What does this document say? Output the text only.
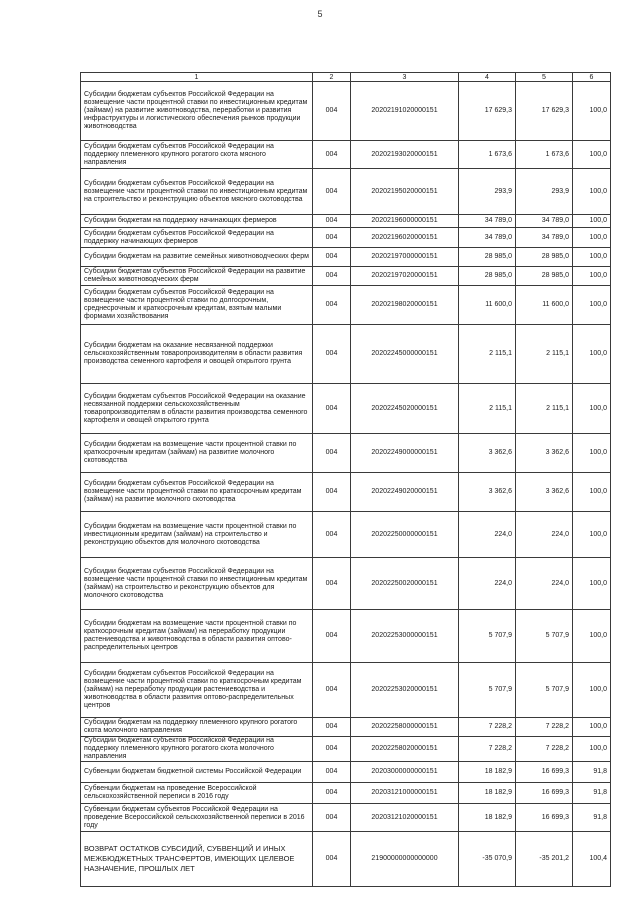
5
1	2	3	4	5	6
Субсидии бюджетам субъектов Российской Федерации на возмещение части процентной ставки по инвестиционным кредитам (займам) на развитие животноводства, переработки и развития инфраструктуры и логистического обеспечения рынков продукции животноводства	004	20202191020000151	17 629,3	17 629,3	100,0
Субсидии бюджетам субъектов Российской Федерации на поддержку племенного крупного рогатого скота мясного направления	004	20202193020000151	1 673,6	1 673,6	100,0
Субсидии бюджетам субъектов Российской Федерации на возмещение части процентной ставки по инвестиционным кредитам на строительство и реконструкцию объектов мясного скотоводства	004	20202195020000151	293,9	293,9	100,0
Субсидии бюджетам на поддержку начинающих фермеров	004	20202196000000151	34 789,0	34 789,0	100,0
Субсидии бюджетам субъектов Российской Федерации на поддержку начинающих фермеров	004	20202196020000151	34 789,0	34 789,0	100,0
Субсидии бюджетам на развитие семейных животноводческих ферм	004	20202197000000151	28 985,0	28 985,0	100,0
Субсидии бюджетам субъектов Российской Федерации на развитие семейных животноводческих ферм	004	20202197020000151	28 985,0	28 985,0	100,0
Субсидии бюджетам субъектов Российской Федерации на возмещение части процентной ставки по долгосрочным, среднесрочным и краткосрочным кредитам, взятым малыми формами хозяйствования	004	20202198020000151	11 600,0	11 600,0	100,0
Субсидии бюджетам на оказание несвязанной поддержки сельскохозяйственным товаропроизводителям в области развития производства семенного картофеля и овощей открытого грунта	004	20202245000000151	2 115,1	2 115,1	100,0
Субсидии бюджетам субъектов Российской Федерации на оказание несвязанной поддержки сельскохозяйственным товаропроизводителям в области развития производства семенного картофеля и овощей открытого грунта	004	20202245020000151	2 115,1	2 115,1	100,0
Субсидии бюджетам на возмещение части процентной ставки по краткосрочным кредитам (займам) на развитие молочного скотоводства	004	20202249000000151	3 362,6	3 362,6	100,0
Субсидии бюджетам субъектов Российской Федерации на возмещение части процентной ставки по краткосрочным кредитам (займам) на развитие молочного скотоводства	004	20202249020000151	3 362,6	3 362,6	100,0
Субсидии бюджетам на возмещение части процентной ставки по инвестиционным кредитам (займам) на строительство и реконструкцию объектов для молочного скотоводства	004	20202250000000151	224,0	224,0	100,0
Субсидии бюджетам субъектов Российской Федерации на возмещение части процентной ставки по инвестиционным кредитам (займам) на строительство и реконструкцию объектов для молочного скотоводства	004	20202250020000151	224,0	224,0	100,0
Субсидии бюджетам на возмещение части процентной ставки по краткосрочным кредитам (займам) на переработку продукции растениеводства и животноводства в области развития оптово-распределительных центров	004	20202253000000151	5 707,9	5 707,9	100,0
Субсидии бюджетам субъектов Российской Федерации на возмещение части процентной ставки по краткосрочным кредитам (займам) на переработку продукции растениеводства и животноводства в области развития оптово-распределительных центров	004	20202253020000151	5 707,9	5 707,9	100,0
Субсидии бюджетам на поддержку племенного крупного рогатого скота молочного направления	004	20202258000000151	7 228,2	7 228,2	100,0
Субсидии бюджетам субъектов Российской Федерации на поддержку племенного крупного рогатого скота молочного направления	004	20202258020000151	7 228,2	7 228,2	100,0
Субвенции бюджетам бюджетной системы Российской Федерации	004	20203000000000151	18 182,9	16 699,3	91,8
Субвенции бюджетам на проведение Всероссийской сельскохозяйственной переписи в 2016 году	004	20203121000000151	18 182,9	16 699,3	91,8
Субвенции бюджетам субъектов Российской Федерации на проведение Всероссийской сельскохозяйственной переписи в 2016 году	004	20203121020000151	18 182,9	16 699,3	91,8
ВОЗВРАТ ОСТАТКОВ СУБСИДИЙ, СУБВЕНЦИЙ И ИНЫХ МЕЖБЮДЖЕТНЫХ ТРАНСФЕРТОВ, ИМЕЮЩИХ ЦЕЛЕВОЕ НАЗНАЧЕНИЕ, ПРОШЛЫХ ЛЕТ	004	21900000000000000	-35 070,9	-35 201,2	100,4
